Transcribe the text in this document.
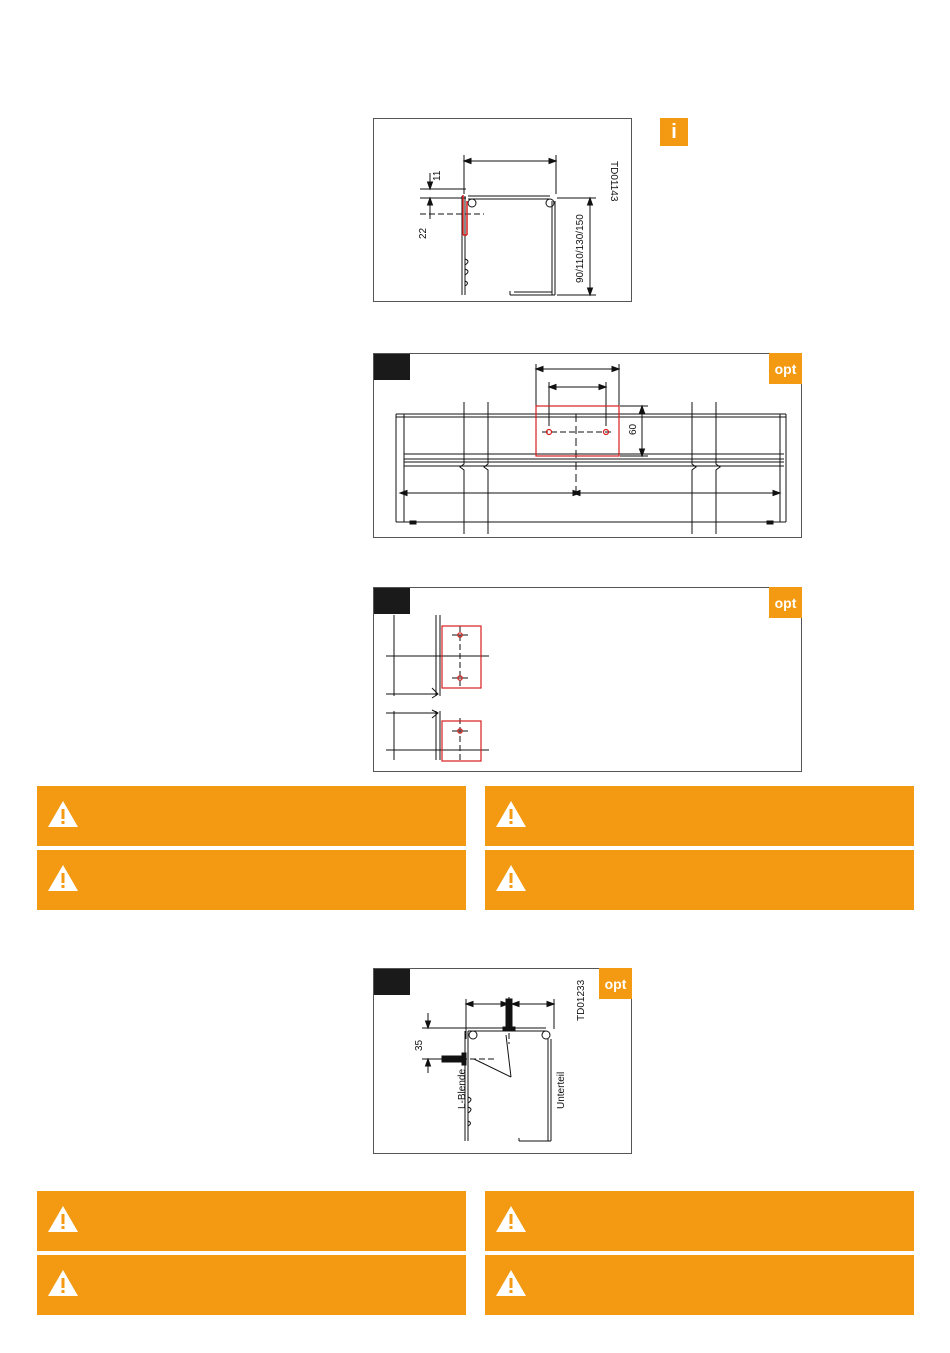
11
22	90/110/130/150
TD01143
i
opt
60
opt
opt
35
L-Blende	Unterteil
TD01233
